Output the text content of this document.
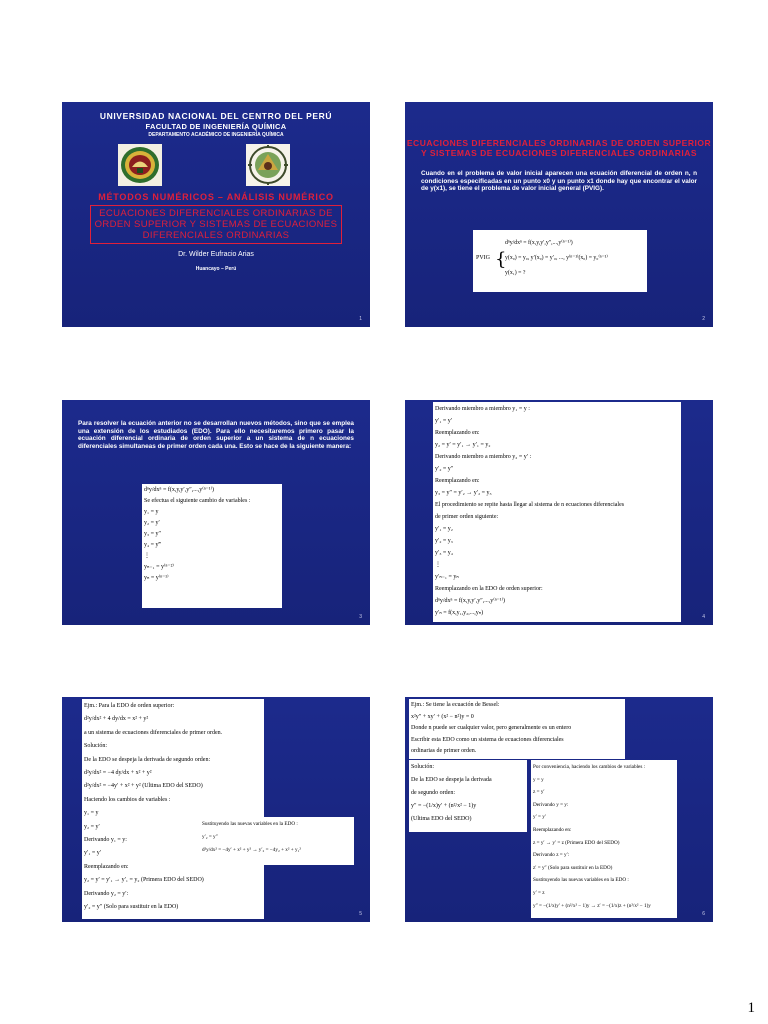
UNIVERSIDAD NACIONAL DEL CENTRO DEL PERÚ
FACULTAD DE INGENIERÍA QUÍMICA
DEPARTAMENTO ACADÉMICO DE INGENIERÍA QUÍMICA
MÉTODOS NUMÉRICOS – ANÁLISIS NUMÉRICO
ECUACIONES DIFERENCIALES ORDINARIAS DE ORDEN SUPERIOR Y SISTEMAS DE ECUACIONES DIFERENCIALES ORDINARIAS
Dr. Wilder Eufracio Arias
Huancayo – Perú
1
ECUACIONES DIFERENCIALES ORDINARIAS DE ORDEN SUPERIOR Y SISTEMAS DE ECUACIONES DIFERENCIALES ORDINARIAS
Cuando en el problema de valor inicial aparecen una ecuación diferencial de orden n, n condiciones especificadas en un punto x0 y un punto x1 donde hay que encontrar el valor de y(x1), se tiene el problema de valor inicial general (PVIG).
PVIG {
dⁿy/dxⁿ = f(x,y,y′,y″,...,y⁽ⁿ⁻¹⁾)
y(x₀) = y₀, y′(x₀) = y′₀, ..., y⁽ⁿ⁻¹⁾(x₀) = y₀⁽ⁿ⁻¹⁾
y(x₁) = ?
2
Para resolver la ecuación anterior no se desarrollan nuevos métodos, sino que se emplea una extensión de los estudiados (EDO). Para ello necesitaremos primero pasar la ecuación diferencial ordinaria de orden superior a un sistema de n ecuaciones diferenciales simultaneas de primer orden cada una. Esto se hace de la siguiente manera:
dⁿy/dxⁿ = f(x,y,y′,y″,...,y⁽ⁿ⁻¹⁾)
Se efectua el siguiente cambio de variables :
y₁ = y
y₂ = y′
y₃ = y″
y₄ = y‴
⋮
yₙ₋₁ = y⁽ⁿ⁻²⁾
yₙ = y⁽ⁿ⁻¹⁾
3
Derivando miembro a miembro y₁ = y :
y′₁ = y′
Reemplazando en:
y₂ = y′ = y′₁ → y′₁ = y₂
Derivando miembro a miembro y₂ = y′ :
y′₂ = y″
Reemplazando en:
y₃ = y″ = y′₂ → y′₂ = y₃
El procedimiento se repite hasta llegar al sistema de n ecuaciones diferenciales
de primer orden siguiente:
y′₁ = y₂
y′₂ = y₃
y′₃ = y₄
⋮
y′ₙ₋₁ = yₙ
Reemplazando en la EDO de orden superior:
dⁿy/dxⁿ = f(x,y,y′,y″,...,y⁽ⁿ⁻¹⁾)
y′ₙ = f(x,y₁,y₂,...,yₙ)
4
Ejm.: Para la EDO de orden superior:
d²y/dx² + 4 dy/dx = x² + y²
a un sistema de ecuaciones diferenciales de primer orden.
Solución:
De la EDO se despeja la derivada de segundo orden:
d²y/dx² = −4 dy/dx + x² + y²
d²y/dx² = −4y′ + x² + y² (Ultima EDO del SEDO)
Haciendo los cambios de variables :
y₁ = y
y₂ = y′
Derivando y₁ = y:
y′₁ = y′
Reemplazando en:
y₂ = y′ = y′₁ → y′₁ = y₂ (Primera EDO del SEDO)
Derivando y₂ = y′:
y′₂ = y″ (Solo para sustituir en la EDO)
Sustituyendo las nuevas variables en la EDO :
y′₂ = y″
d²y/dx² = −4y′ + x² + y² → y′₂ = −4y₂ + x² + y₁²
5
Ejm.: Se tiene la ecuación de Bessel:
x²y″ + xy′ + (x² − n²)y = 0
Donde n puede ser cualquier valor, pero generalmente es un entero
Escribir esta EDO como un sistema de ecuaciones diferenciales
ordinarias de primer orden.
Solución:
De la EDO se despeja la derivada
de segundo orden:
y″ = −(1/x)y′ + (n²/x² − 1)y
(Ultima EDO del SEDO)
Por conveniencia, haciendo los cambios de variables :
y = y
z = y′
Derivando y = y:
y′ = y′
Reemplazando en:
z = y′ → y′ = z (Primera EDO del SEDO)
Derivando z = y′:
z′ = y″ (Solo para sustituir en la EDO)
Sustituyendo las nuevas variables en la EDO :
y′ = z
y″ = −(1/x)y′ + (n²/x² − 1)y → z′ = −(1/x)z + (n²/x² − 1)y
6
1
